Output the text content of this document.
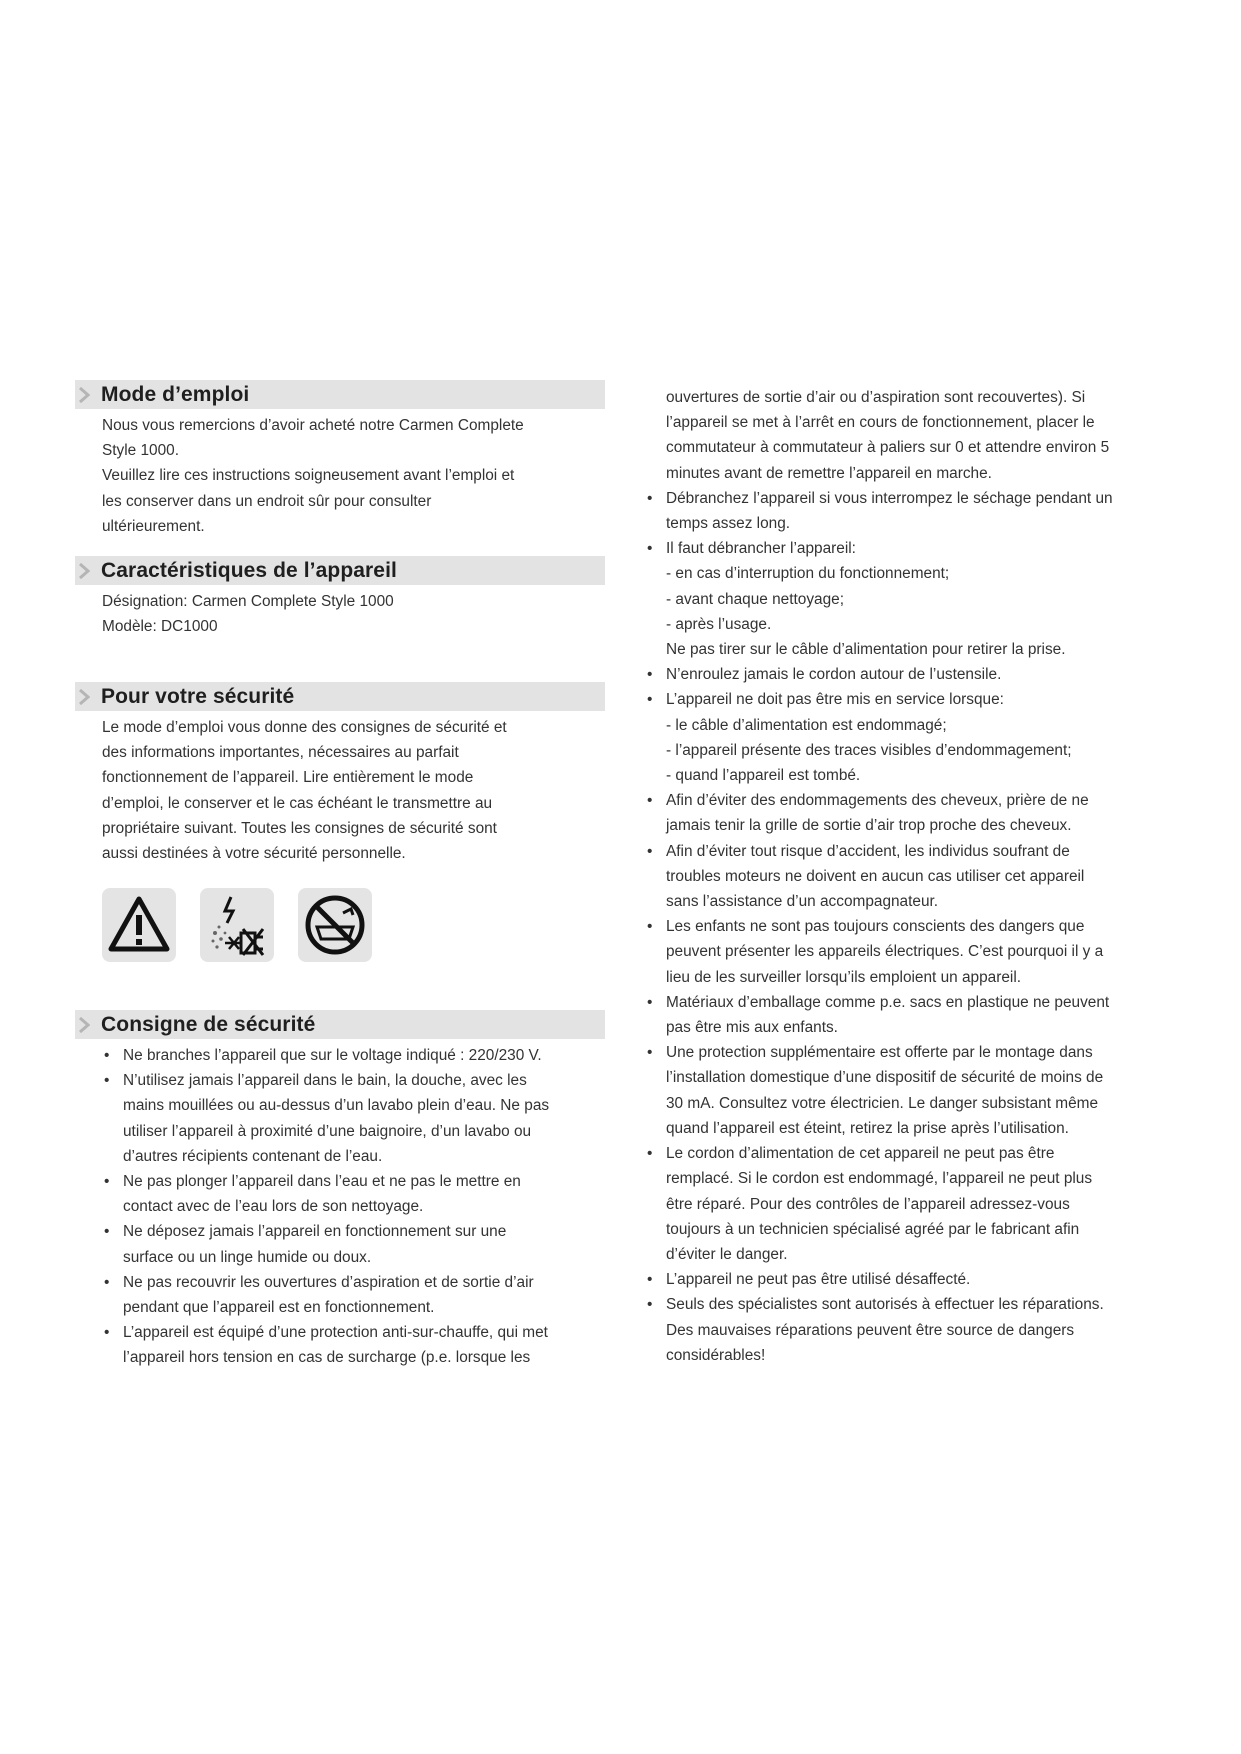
Mode d’emploi

Nous vous remercions d’avoir acheté notre Carmen Complete Style 1000.

Veuillez lire ces instructions soigneusement avant l’emploi et les conserver dans un endroit sûr pour consulter ultérieurement.

Caractéristiques de l’appareil

Désignation: Carmen Complete Style 1000

Modèle: DC1000

Pour votre sécurité

Le mode d’emploi vous donne des consignes de sécurité et des informations importantes, nécessaires au parfait fonctionnement de l’appareil. Lire entièrement le mode d’emploi, le conserver et le cas échéant le transmettre au propriétaire suivant. Toutes les consignes de sécurité sont aussi destinées à votre sécurité personnelle.

Consigne de sécurité
• Ne branches l’appareil que sur le voltage indiqué : 220/230 V.
• N’utilisez jamais l’appareil dans le bain, la douche, avec les mains mouillées ou au-dessus d’un lavabo plein d’eau. Ne pas utiliser l’appareil à proximité d’une baignoire, d’un lavabo ou d’autres récipients contenant de l’eau.
• Ne pas plonger l’appareil dans l’eau et ne pas le mettre en contact avec de l’eau lors de son nettoyage.
• Ne déposez jamais l’appareil en fonctionnement sur une surface ou un linge humide ou doux.
• Ne pas recouvrir les ouvertures d’aspiration et de sortie d’air pendant que l’appareil est en fonctionnement.
• L’appareil est équipé d’une protection anti-sur-chauffe, qui met l’appareil hors tension en cas de surcharge (p.e. lorsque les
ouvertures de sortie d’air ou d’aspiration sont recouvertes). Si l’appareil se met à l’arrêt en cours de fonctionnement, placer le commutateur à commutateur à paliers sur 0 et attendre environ 5 minutes avant de remettre l’appareil en marche.
• Débranchez l’appareil si vous interrompez le séchage pendant un temps assez long.
• Il faut débrancher l’appareil:
- en cas d’interruption du fonctionnement;
- avant chaque nettoyage;
- après l’usage.
Ne pas tirer sur le câble d’alimentation pour retirer la prise.
• N’enroulez jamais le cordon autour de l’ustensile.
• L’appareil ne doit pas être mis en service lorsque:
- le câble d’alimentation est endommagé;
- l’appareil présente des traces visibles d’endommagement;
- quand l’appareil est tombé.
• Afin d’éviter des endommagements des cheveux, prière de ne jamais tenir la grille de sortie d’air trop proche des cheveux.
• Afin d’éviter tout risque d’accident, les individus soufrant de troubles moteurs ne doivent en aucun cas utiliser cet appareil sans l’assistance d’un accompagnateur.
• Les enfants ne sont pas toujours conscients des dangers que peuvent présenter les appareils électriques. C’est pourquoi il y a lieu de les surveiller lorsqu’ils emploient un appareil.
• Matériaux d’emballage comme p.e. sacs en plastique ne peuvent pas être mis aux enfants.
• Une protection supplémentaire est offerte par le montage dans l’installation domestique d’une dispositif de sécurité de moins de 30 mA. Consultez votre électricien. Le danger subsistant même quand l’appareil est éteint, retirez la prise après l’utilisation.
• Le cordon d’alimentation de cet appareil ne peut pas être remplacé. Si le cordon est endommagé, l’appareil ne peut plus être réparé. Pour des contrôles de l’appareil adressez-vous toujours à un technicien spécialisé agréé par le fabricant afin d’éviter le danger.
• L’appareil ne peut pas être utilisé désaffecté.
• Seuls des spécialistes sont autorisés à effectuer les réparations. Des mauvaises réparations peuvent être source de dangers considérables!
